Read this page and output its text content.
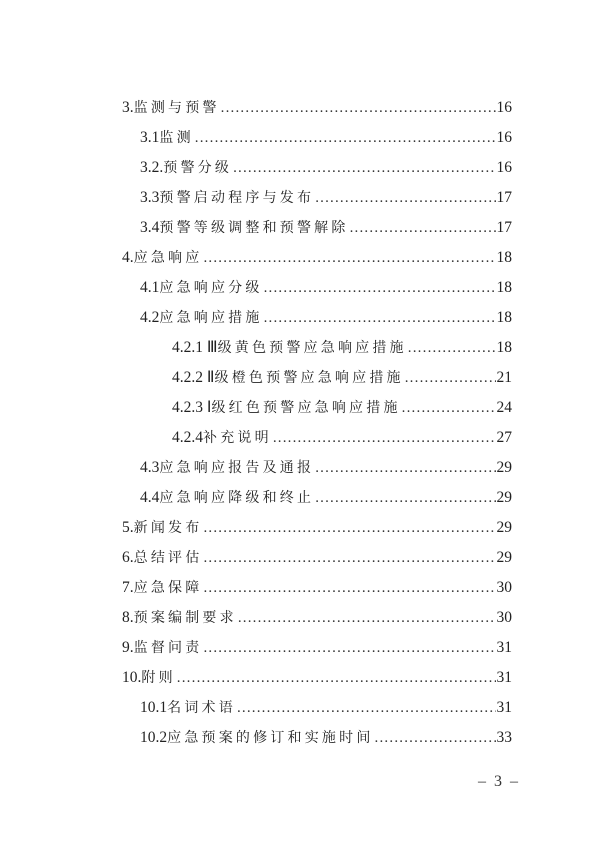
3. 监测与预警 .....	16
3.1 监测 .....	16
3.2. 预警分级 .....	16
3.3 预警启动程序与发布 .....	17
3.4 预警等级调整和预警解除 .....	17
4. 应急响应 .....	18
4.1 应急响应分级 .....	18
4.2 应急响应措施 .....	18
4.2.1 Ⅲ 级黄色预警应急响应措施 .....	18
4.2.2 Ⅱ 级橙色预警应急响应措施 .....	21
4.2.3 Ⅰ 级红色预警应急响应措施 .....	24
4.2.4 补充说明 .....	27
4.3 应急响应报告及通报 .....	29
4.4 应急响应降级和终止 .....	29
5. 新闻发布 .....	29
6. 总结评估 .....	29
7. 应急保障 .....	30
8. 预案编制要求 .....	30
9. 监督问责 .....	31
10. 附则 .....	31
10.1 名词术语 .....	31
10.2 应急预案的修订和实施时间 .....	33
– 3 –
